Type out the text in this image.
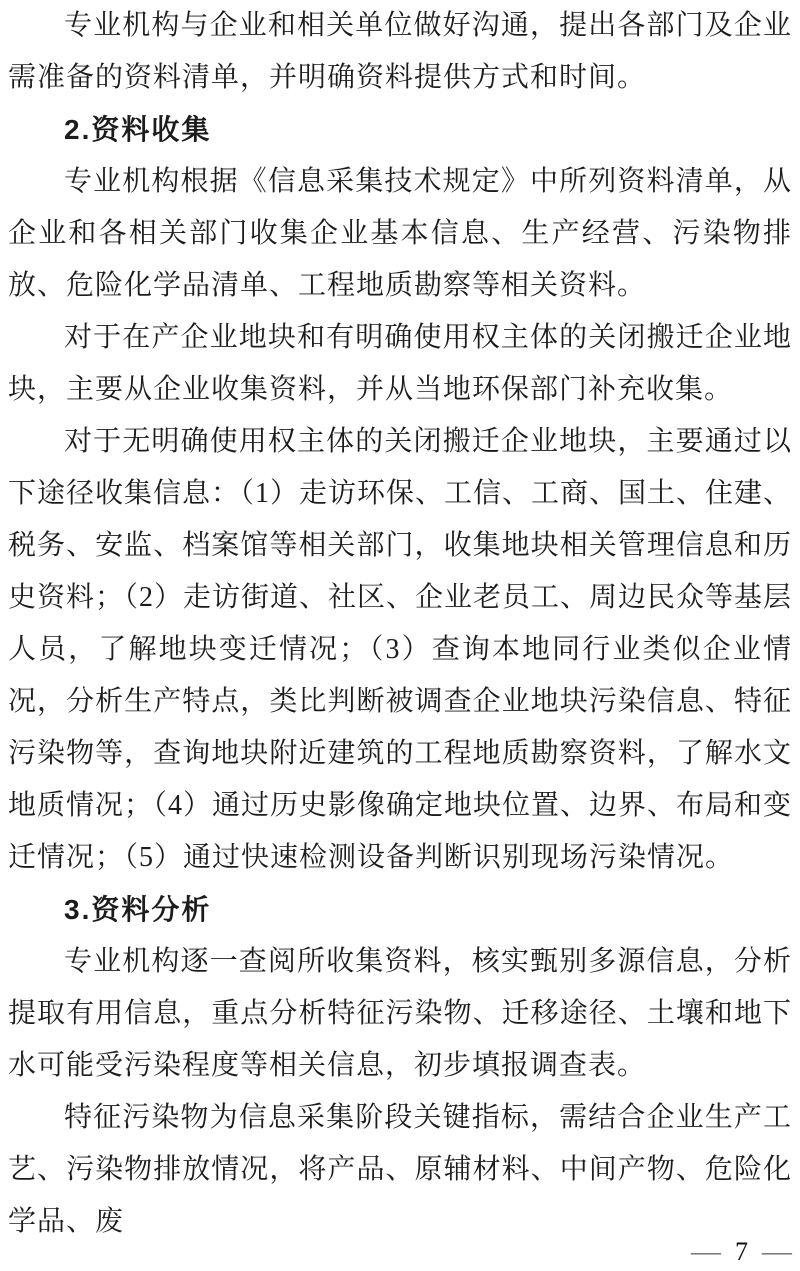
专业机构与企业和相关单位做好沟通，提出各部门及企业需准备的资料清单，并明确资料提供方式和时间。

2.资料收集

专业机构根据《信息采集技术规定》中所列资料清单，从企业和各相关部门收集企业基本信息、生产经营、污染物排放、危险化学品清单、工程地质勘察等相关资料。

对于在产企业地块和有明确使用权主体的关闭搬迁企业地块，主要从企业收集资料，并从当地环保部门补充收集。

对于无明确使用权主体的关闭搬迁企业地块，主要通过以下途径收集信息：（1）走访环保、工信、工商、国土、住建、税务、安监、档案馆等相关部门，收集地块相关管理信息和历史资料；（2）走访街道、社区、企业老员工、周边民众等基层人员，了解地块变迁情况；（3）查询本地同行业类似企业情况，分析生产特点，类比判断被调查企业地块污染信息、特征污染物等，查询地块附近建筑的工程地质勘察资料，了解水文地质情况；（4）通过历史影像确定地块位置、边界、布局和变迁情况；（5）通过快速检测设备判断识别现场污染情况。

3.资料分析

专业机构逐一查阅所收集资料，核实甄别多源信息，分析提取有用信息，重点分析特征污染物、迁移途径、土壤和地下水可能受污染程度等相关信息，初步填报调查表。

特征污染物为信息采集阶段关键指标，需结合企业生产工艺、污染物排放情况，将产品、原辅材料、中间产物、危险化学品、废

— 7 —
